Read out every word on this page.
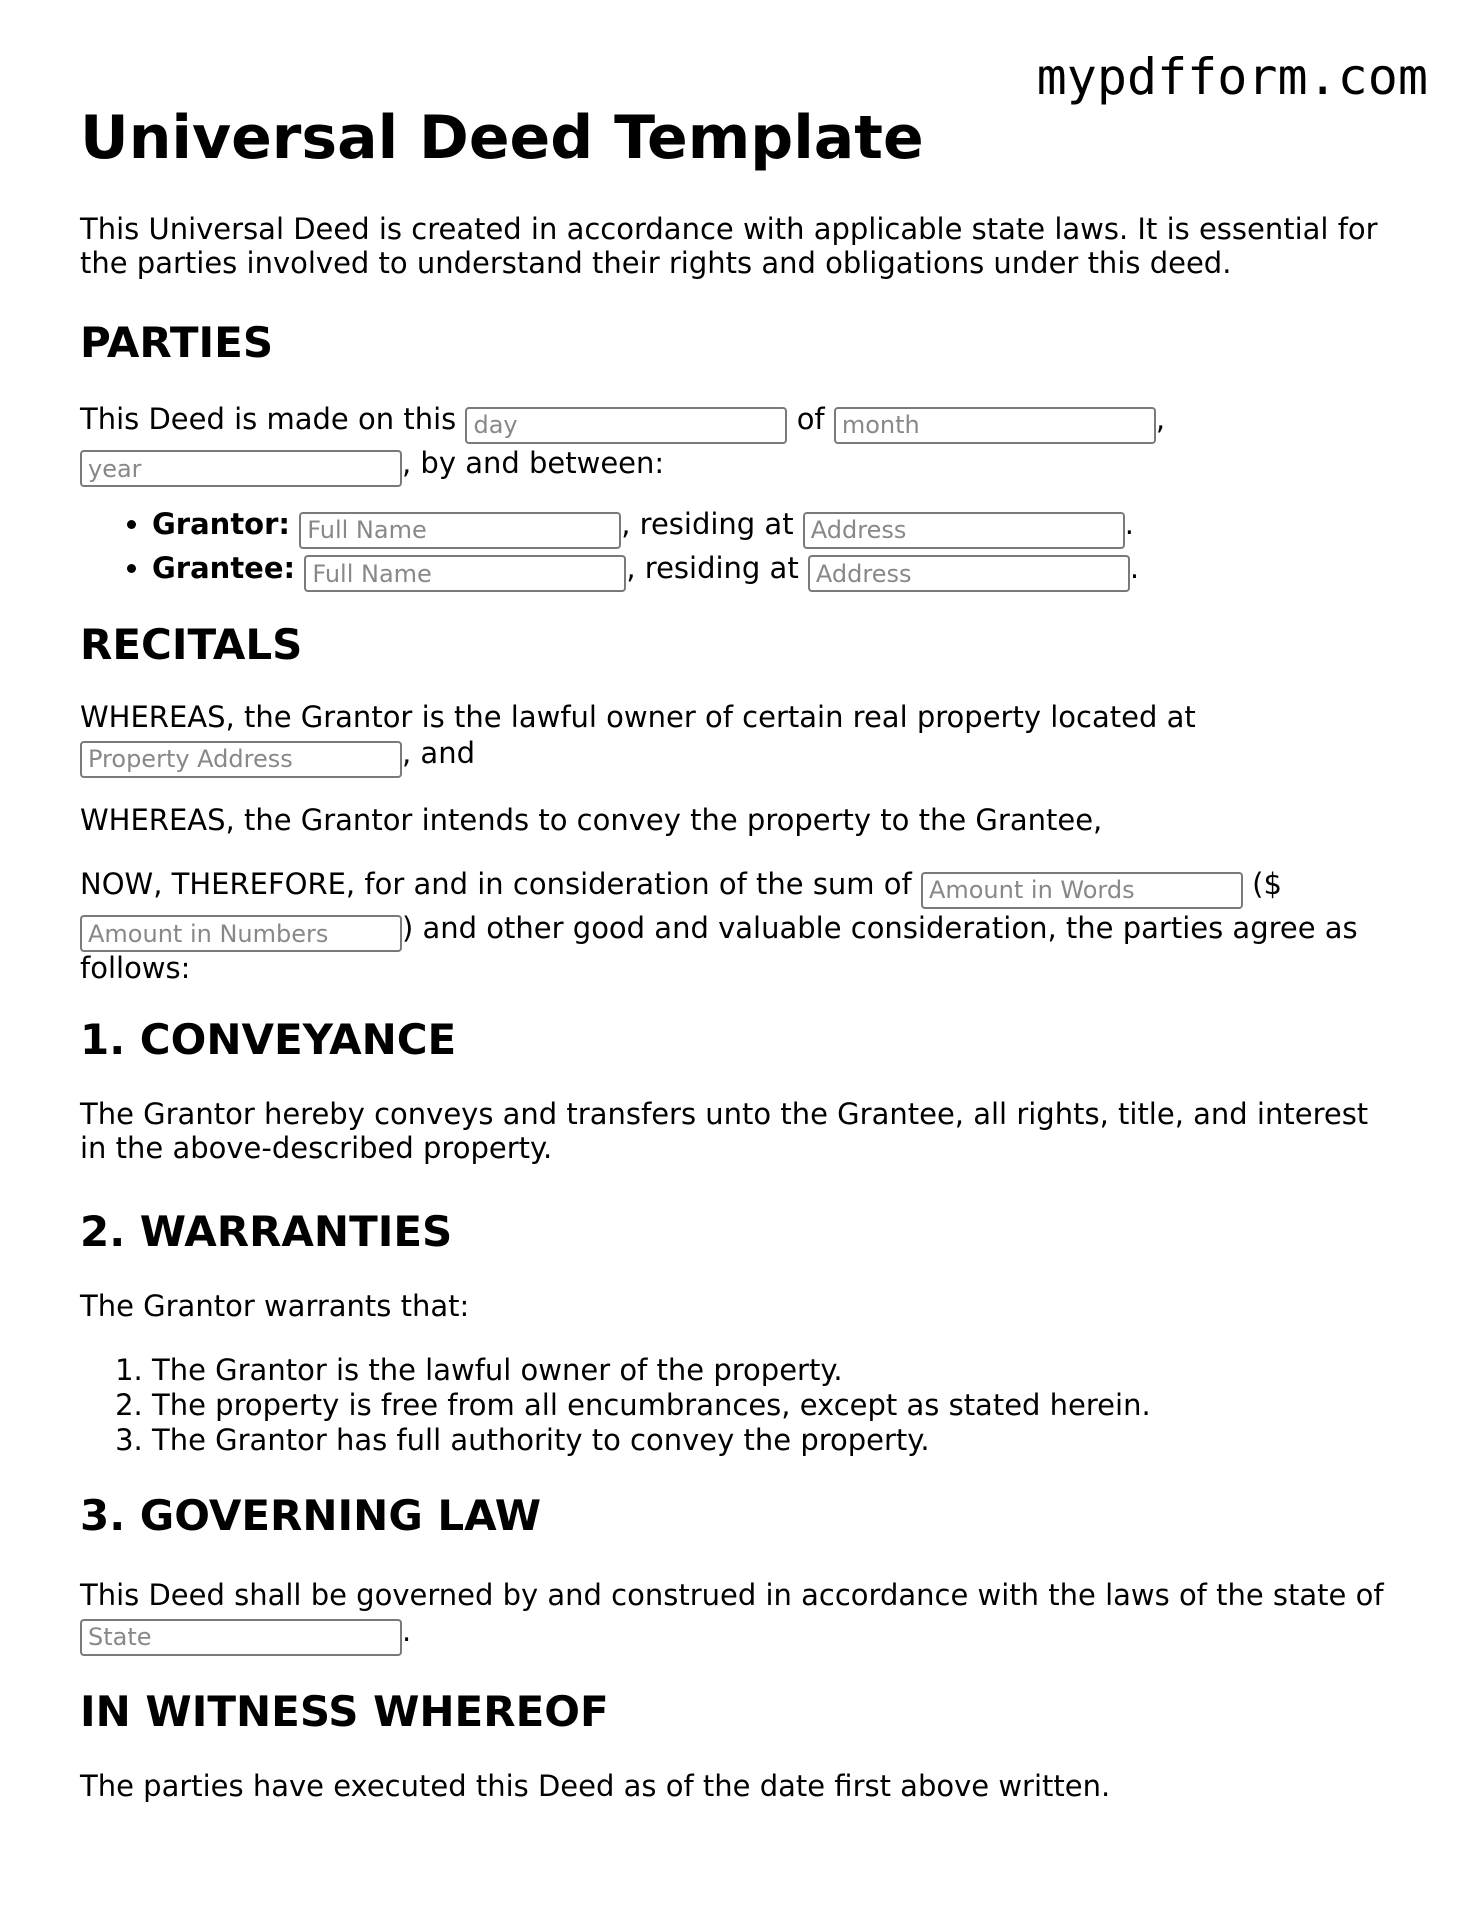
mypdfform.com
Universal Deed Template

This Universal Deed is created in accordance with applicable state laws. It is essential for the parties involved to understand their rights and obligations under this deed.

PARTIES
This Deed is made on this day	of month	,
year, by and between:
• Grantor: Full Name	, residing at Address	.
• Grantee: Full Name	, residing at Address	.
RECITALS
WHEREAS, the Grantor is the lawful owner of certain real property located at
Property Address, and

WHEREAS, the Grantor intends to convey the property to the Grantee,

NOW, THEREFORE, for and in consideration of the sum of Amount in Words	($
Amount in Numbers) and other good and valuable consideration, the parties agree as
follows:
1. CONVEYANCE

The Grantor hereby conveys and transfers unto the Grantee, all rights, title, and interest in the above-described property.

2. WARRANTIES

The Grantor warrants that:

1. The Grantor is the lawful owner of the property.
2. The property is free from all encumbrances, except as stated herein.
3. The Grantor has full authority to convey the property.
3. GOVERNING LAW
This Deed shall be governed by and construed in accordance with the laws of the state of
State.
IN WITNESS WHEREOF

The parties have executed this Deed as of the date first above written.
